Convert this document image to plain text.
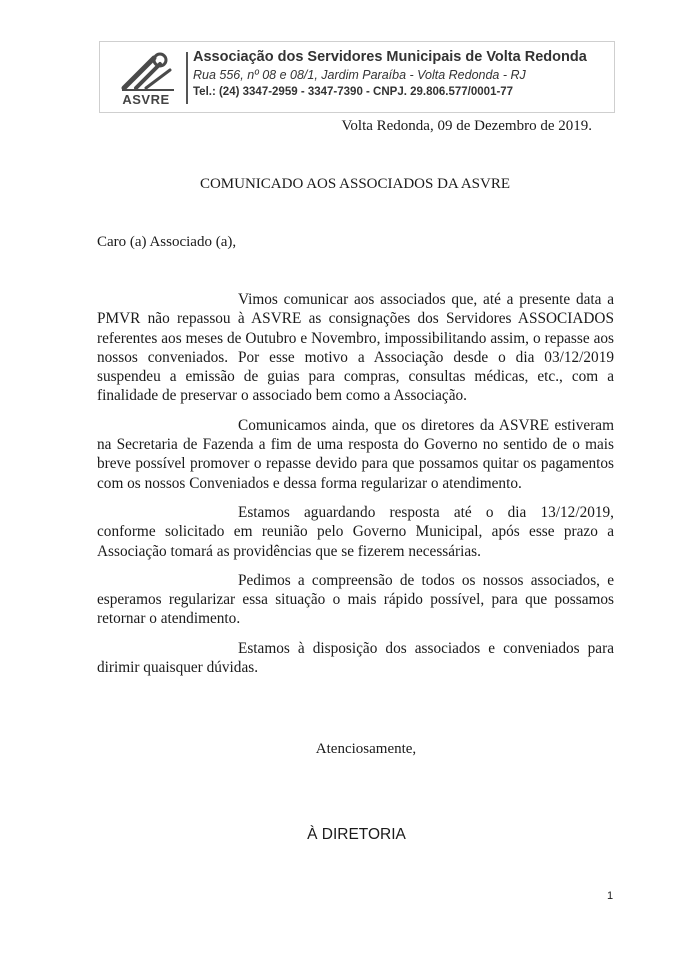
ASVRE
Associação dos Servidores Municipais de Volta Redonda
Rua 556, nº 08 e 08/1, Jardim Paraíba - Volta Redonda - RJ
Tel.: (24) 3347-2959 - 3347-7390 - CNPJ. 29.806.577/0001-77
Volta Redonda, 09 de Dezembro de 2019.
COMUNICADO AOS ASSOCIADOS DA ASVRE
Caro (a) Associado (a),

Vimos comunicar aos associados que, até a presente data a PMVR não repassou à ASVRE as consignações dos Servidores ASSOCIADOS referentes aos meses de Outubro e Novembro, impossibilitando assim, o repasse aos nossos conveniados. Por esse motivo a Associação desde o dia 03/12/2019 suspendeu a emissão de guias para compras, consultas médicas, etc., com a finalidade de preservar o associado bem como a Associação.

Comunicamos ainda, que os diretores da ASVRE estiveram na Secretaria de Fazenda a fim de uma resposta do Governo no sentido de o mais breve possível promover o repasse devido para que possamos quitar os pagamentos com os nossos Conveniados e dessa forma regularizar o atendimento.

Estamos aguardando resposta até o dia 13/12/2019, conforme solicitado em reunião pelo Governo Municipal, após esse prazo a Associação tomará as providências que se fizerem necessárias.

Pedimos a compreensão de todos os nossos associados, e esperamos regularizar essa situação o mais rápido possível, para que possamos retornar o atendimento.

Estamos à disposição dos associados e conveniados para dirimir quaisquer dúvidas.

Atenciosamente,
À DIRETORIA
1
